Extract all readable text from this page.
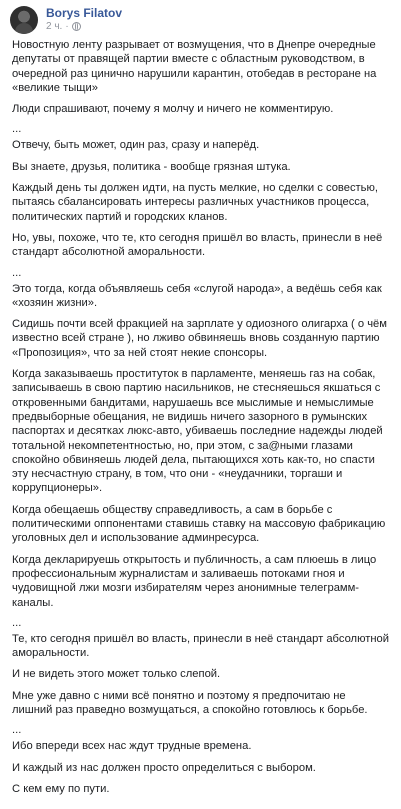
Borys Filatov
2 ч. ·

Новостную ленту разрывает от возмущения, что в Днепре очередные депутаты от правящей партии вместе с областным руководством, в очередной раз цинично нарушили карантин, отобедав в ресторане на «великие тыщи»

Люди спрашивают, почему я молчу и ничего не комментирую.

...

Отвечу, быть может, один раз, сразу и наперёд.

Вы знаете, друзья, политика - вообще грязная штука.

Каждый день ты должен идти, на пусть мелкие, но сделки с совестью, пытаясь сбалансировать интересы различных участников процесса, политических партий и городских кланов.

Но, увы, похоже, что те, кто сегодня пришёл во власть, принесли в неё стандарт абсолютной аморальности.

...

Это тогда, когда объявляешь себя «слугой народа», а ведёшь себя как «хозяин жизни».

Сидишь почти всей фракцией на зарплате у одиозного олигарха ( о чём известно всей стране ), но лживо обвиняешь вновь созданную партию «Пропозиция», что за ней стоят некие спонсоры.

Когда заказываешь проституток в парламенте, меняешь газ на собак, записываешь в свою партию насильников, не стесняешься якшаться с откровенными бандитами, нарушаешь все мыслимые и немыслимые предвыборные обещания, не видишь ничего зазорного в румынских паспортах и десятках люкс-авто, убиваешь последние надежды людей тотальной некомпетентностью, но, при этом, с за@ными глазами спокойно обвиняешь людей дела, пытающихся хоть как-то, но спасти эту несчастную страну, в том, что они - «неудачники, торгаши и коррупционеры».

Когда обещаешь обществу справедливость, а сам в борьбе с политическими оппонентами ставишь ставку на массовую фабрикацию уголовных дел и использование админресурса.

Когда декларируешь открытость и публичность, а сам плюешь в лицо профессиональным журналистам и заливаешь потоками гноя и чудовищной лжи мозги избирателям через анонимные телеграмм-каналы.

...

Те, кто сегодня пришёл во власть, принесли в неё стандарт абсолютной аморальности.

И не видеть этого может только слепой.

Мне уже давно с ними всё понятно и поэтому я предпочитаю не лишний раз праведно возмущаться, а спокойно готовлюсь к борьбе.

...

Ибо впереди всех нас ждут трудные времена.

И каждый из нас должен просто определиться с выбором.

С кем ему по пути.
